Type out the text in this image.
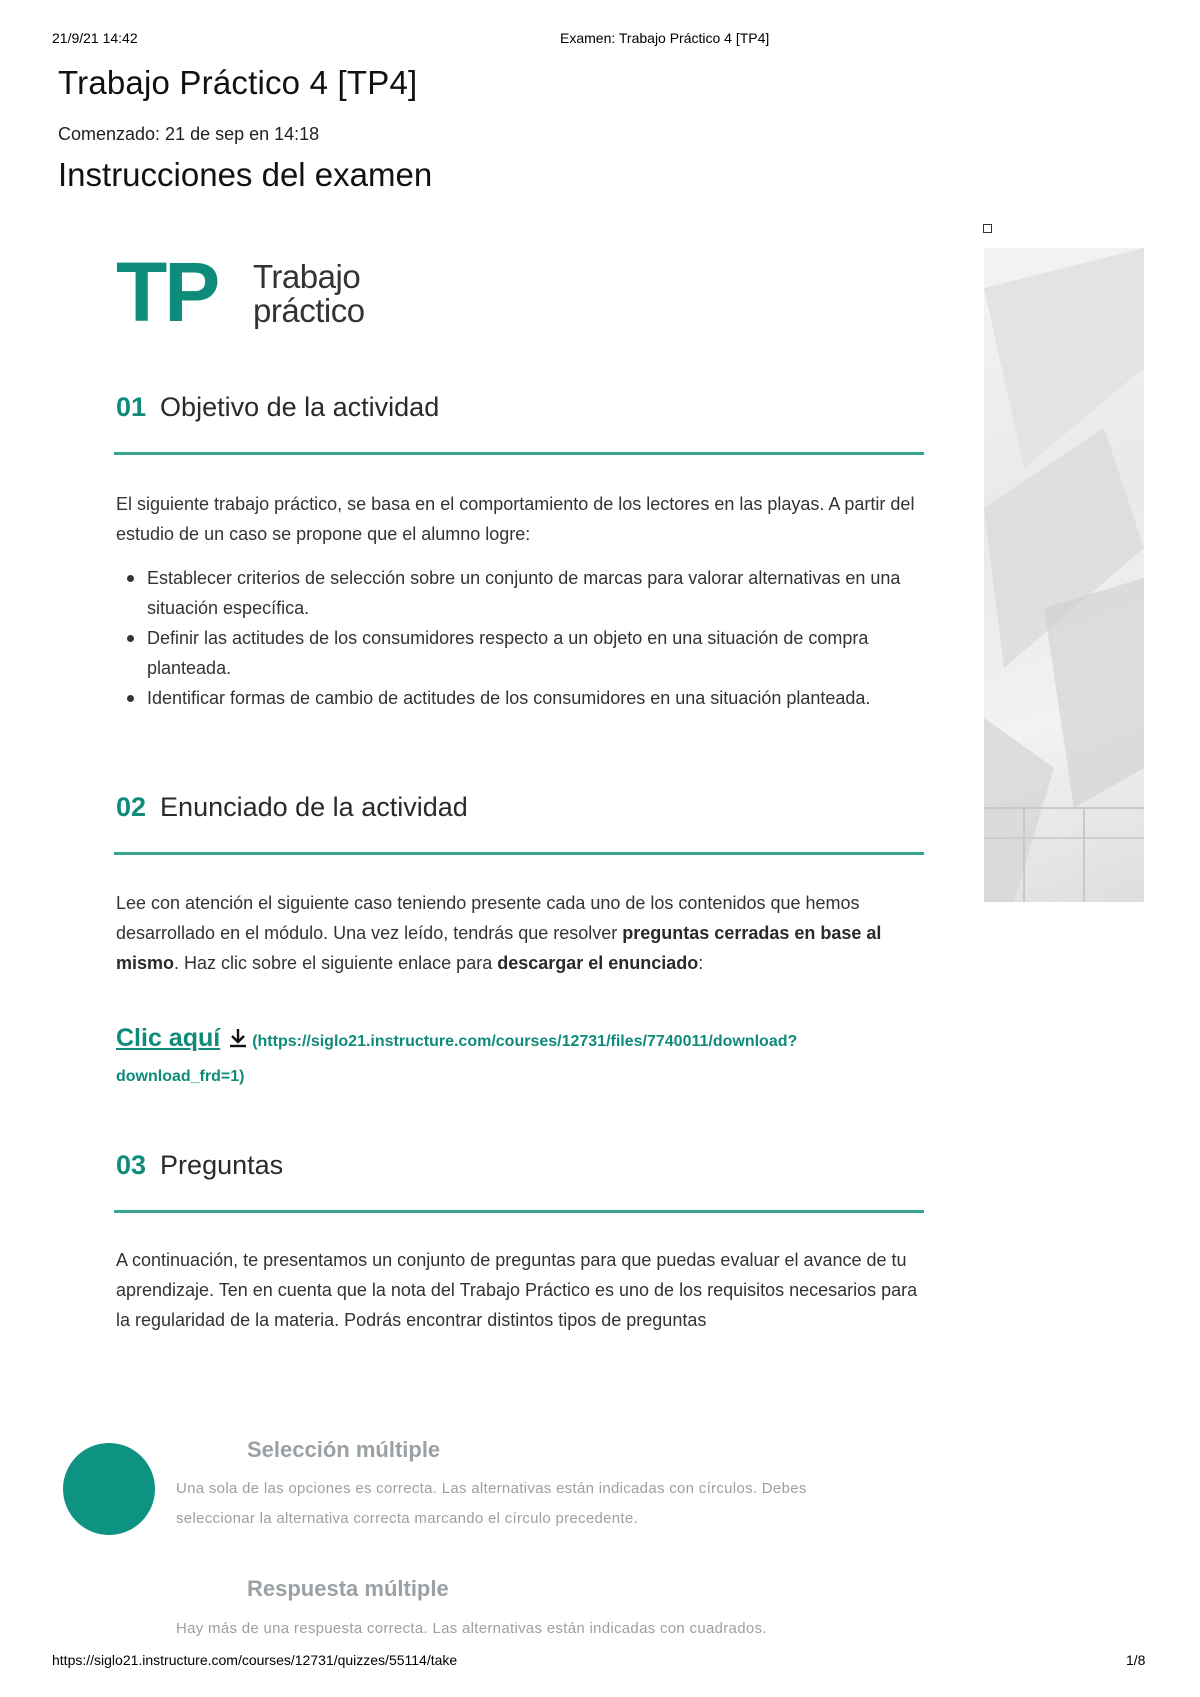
21/9/21 14:42	Examen: Trabajo Práctico 4 [TP4]
https://siglo21.instructure.com/courses/12731/quizzes/55114/take	1/8
Trabajo Práctico 4 [TP4]
Comenzado: 21 de sep en 14:18
Instrucciones del examen
TP Trabajo
práctico
01 Objetivo de la actividad
El siguiente trabajo práctico, se basa en el comportamiento de los lectores en las playas. A partir del estudio de un caso se propone que el alumno logre:
Establecer criterios de selección sobre un conjunto de marcas para valorar alternativas en una situación específica.
Definir las actitudes de los consumidores respecto a un objeto en una situación de compra planteada.
Identificar formas de cambio de actitudes de los consumidores en una situación planteada.
02 Enunciado de la actividad
Lee con atención el siguiente caso teniendo presente cada uno de los contenidos que hemos desarrollado en el módulo. Una vez leído, tendrás que resolver preguntas cerradas en base al mismo. Haz clic sobre el siguiente enlace para descargar el enunciado:
Clic aquí (https://siglo21.instructure.com/courses/12731/files/7740011/download?
download_frd=1)
03 Preguntas
A continuación, te presentamos un conjunto de preguntas para que puedas evaluar el avance de tu aprendizaje. Ten en cuenta que la nota del Trabajo Práctico es uno de los requisitos necesarios para la regularidad de la materia. Podrás encontrar distintos tipos de preguntas
Selección múltiple
Una sola de las opciones es correcta. Las alternativas están indicadas con círculos. Debes seleccionar la alternativa correcta marcando el círculo precedente.
Respuesta múltiple
Hay más de una respuesta correcta. Las alternativas están indicadas con cuadrados.
